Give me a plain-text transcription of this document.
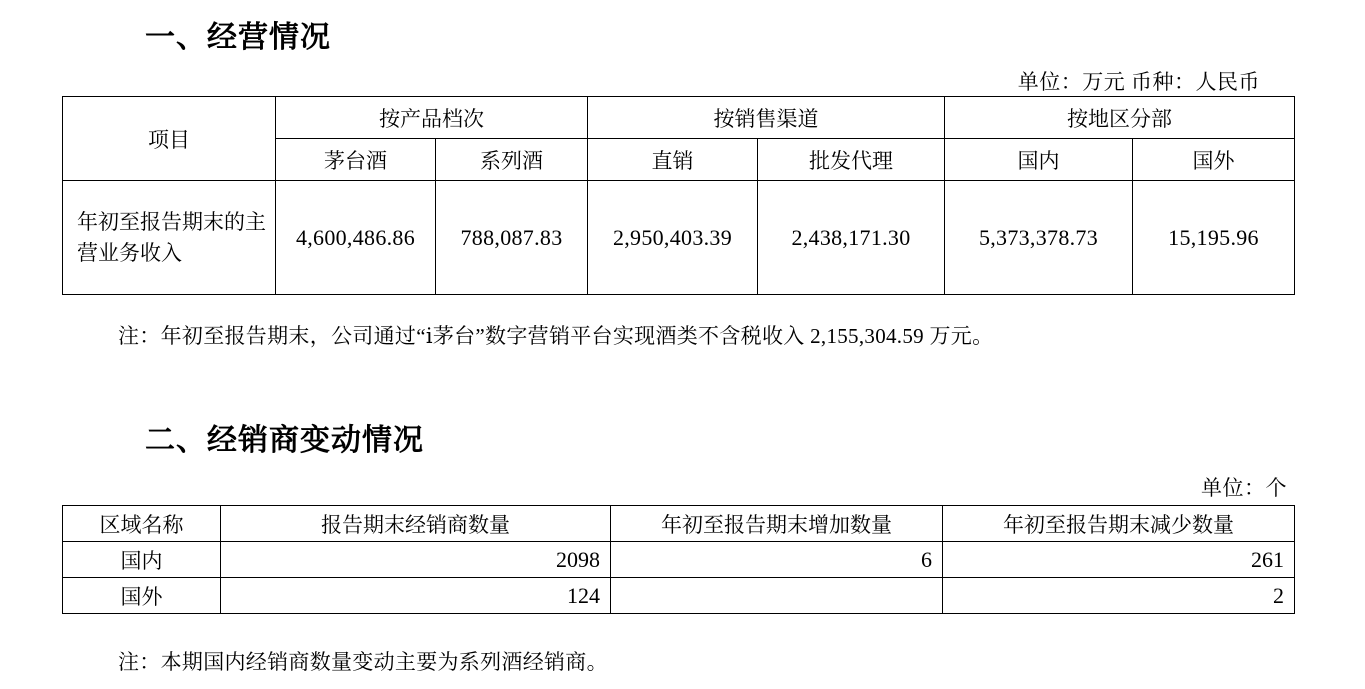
一、经营情况
单位：万元 币种：人民币
项目	按产品档次		按销售渠道		按地区分部	
	茅台酒	系列酒	直销	批发代理	国内	国外
年初至报告期末的主营业务收入	4,600,486.86	788,087.83	2,950,403.39	2,438,171.30	5,373,378.73	15,195.96
注：年初至报告期末，公司通过“ⅰ茅台”数字营销平台实现酒类不含税收入 2,155,304.59 万元。
二、经销商变动情况
单位：个
区域名称	报告期末经销商数量	年初至报告期末增加数量	年初至报告期末减少数量
国内	2098	6	261
国外	124		2
注：本期国内经销商数量变动主要为系列酒经销商。
